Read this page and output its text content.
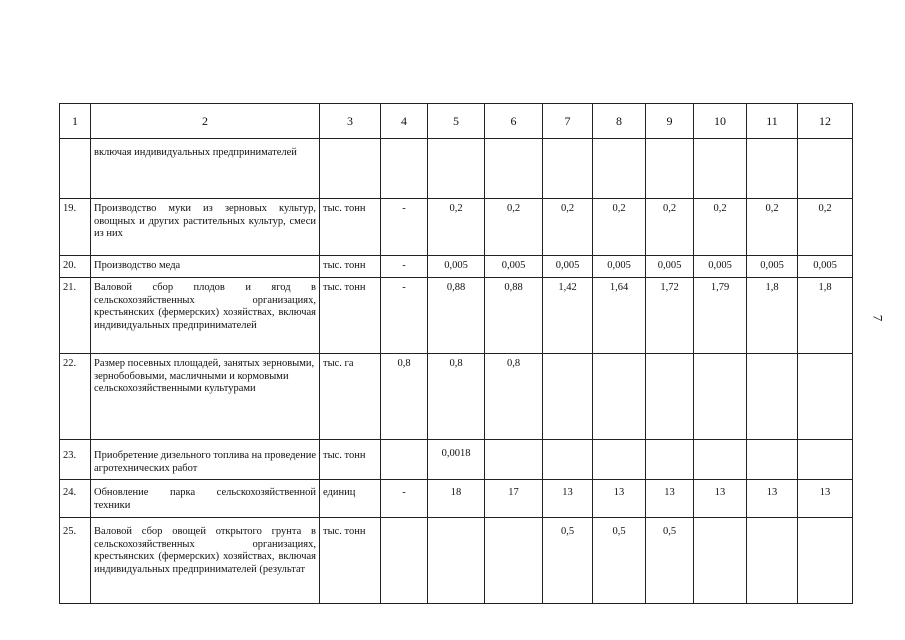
7
1	2	3	4	5	6	7	8	9	10	11	12
	включая индивидуальных предпринимателей										
19.	Производство муки из зерновых культур, овощных и других растительных культур, смеси из них	тыс. тонн	-	0,2	0,2	0,2	0,2	0,2	0,2	0,2	0,2
20.	Производство меда	тыс. тонн	-	0,005	0,005	0,005	0,005	0,005	0,005	0,005	0,005
21.	Валовой сбор плодов и ягод в сельскохозяйственных организациях, крестьянских (фермерских) хозяйствах, включая индивидуальных предпринимателей	тыс. тонн	-	0,88	0,88	1,42	1,64	1,72	1,79	1,8	1,8
22.	Размер посевных площадей, занятых зерновыми, зернобобовыми, масличными и кормовыми сельскохозяйственными культурами	тыс. га	0,8	0,8	0,8						
23.	Приобретение дизельного топлива на проведение агротехнических работ	тыс. тонн		0,0018							
24.	Обновление парка сельскохозяйственной техники	единиц	-	18	17	13	13	13	13	13	13
25.	Валовой сбор овощей открытого грунта в сельскохозяйственных организациях, крестьянских (фермерских) хозяйствах, включая индивидуальных предпринимателей (результат	тыс. тонн				0,5	0,5	0,5			
